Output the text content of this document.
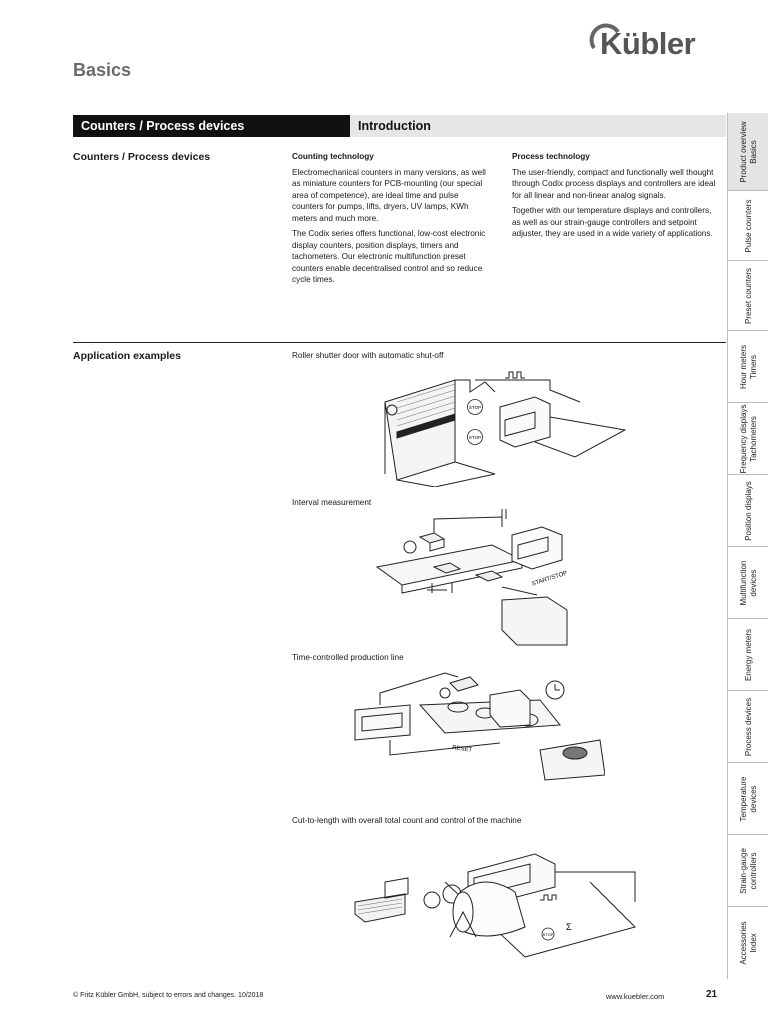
Kübler
Basics
Counters / Process devices	Introduction
Counters / Process devices	Counting technology

Electromechanical counters in many versions, as well as miniature counters for PCB-mounting (our special area of competence), are ideal time and pulse counters for pumps, lifts, dryers, UV lamps, KWh meters and much more.

The Codix series offers functional, low-cost electronic display counters, position displays, timers and tachometers. Our electronic multifunction preset counters enable decentralised control and so reduce cycle times.

Process technology

The user-friendly, compact and functionally well thought through Codix process displays and controllers are ideal for all linear and non-linear analog signals.

Together with our temperature displays and controllers, as well as our strain-gauge controllers and setpoint adjuster, they are used in a wide variety of applications.

Application examples	Roller shutter door with automatic shut-off
STOP
STOP
Interval measurement
START/STOP
Time-controlled production line
RESET
Cut-to-length with overall total count and control of the machine
STOP
Σ
Product overview
Basics
Pulse counters
Preset counters
Hour meters
Timers
Frequency displays
Tachometers
Position displays
Multifunction
devices
Energy meters
Process devices
Temperature
devices
Strain-gauge
controllers
Accessories
Index
© Fritz Kübler GmbH, subject to errors and changes. 10/2018	www.kuebler.com	21
